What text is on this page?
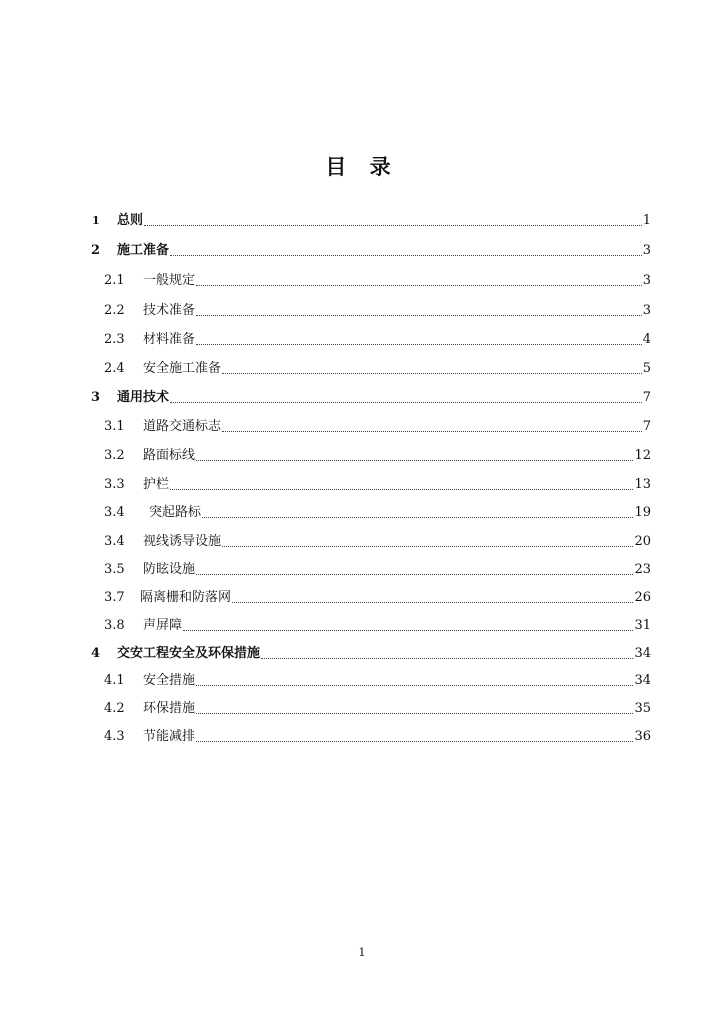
目 录
1 总则	1
2 施工准备	3
2.1 一般规定	3
2.2 技术准备	3
2.3 材料准备	4
2.4 安全施工准备	5
3 通用技术	7
3.1 道路交通标志	7
3.2 路面标线	12
3.3 护栏	13
3.4 突起路标	19
3.4 视线诱导设施	20
3.5 防眩设施	23
3.7 隔离栅和防落网	26
3.8 声屏障	31
4 交安工程安全及环保措施	34
4.1 安全措施	34
4.2 环保措施	35
4.3 节能减排	36
1
